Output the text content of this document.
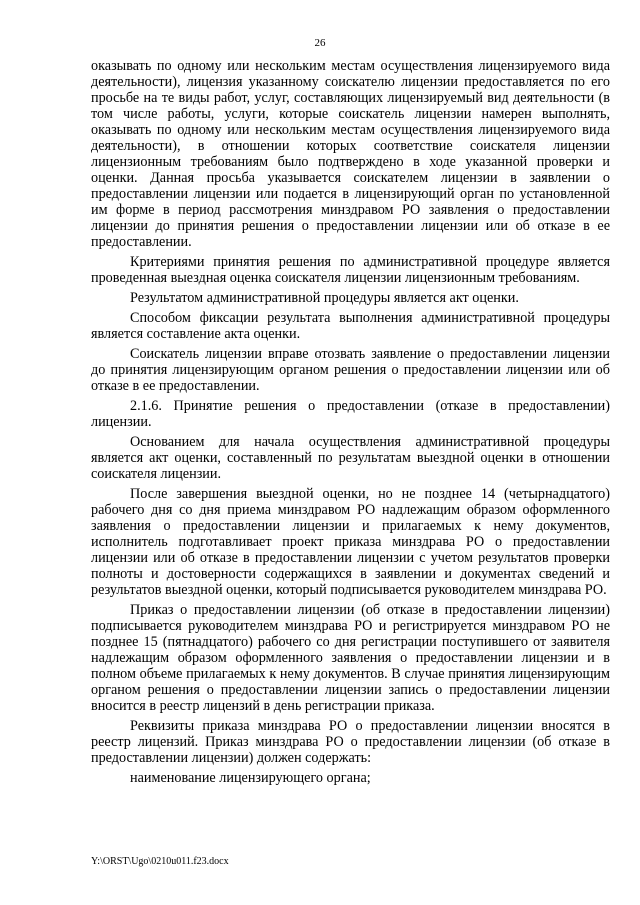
26

оказывать по одному или нескольким местам осуществления лицензируемого вида деятельности), лицензия указанному соискателю лицензии предоставляется по его просьбе на те виды работ, услуг, составляющих лицензируемый вид деятельности (в том числе работы, услуги, которые соискатель лицензии намерен выполнять, оказывать по одному или нескольким местам осуществления лицензируемого вида деятельности), в отношении которых соответствие соискателя лицензии лицензионным требованиям было подтверждено в ходе указанной проверки и оценки. Данная просьба указывается соискателем лицензии в заявлении о предоставлении лицензии или подается в лицензирующий орган по установленной им форме в период рассмотрения минздравом РО заявления о предоставлении лицензии до принятия решения о предоставлении лицензии или об отказе в ее предоставлении.

Критериями принятия решения по административной процедуре является проведенная выездная оценка соискателя лицензии лицензионным требованиям.

Результатом административной процедуры является акт оценки.

Способом фиксации результата выполнения административной процедуры является составление акта оценки.

Соискатель лицензии вправе отозвать заявление о предоставлении лицензии до принятия лицензирующим органом решения о предоставлении лицензии или об отказе в ее предоставлении.

2.1.6. Принятие решения о предоставлении (отказе в предоставлении) лицензии.

Основанием для начала осуществления административной процедуры является акт оценки, составленный по результатам выездной оценки в отношении соискателя лицензии.

После завершения выездной оценки, но не позднее 14 (четырнадцатого) рабочего дня со дня приема минздравом РО надлежащим образом оформленного заявления о предоставлении лицензии и прилагаемых к нему документов, исполнитель подготавливает проект приказа минздрава РО о предоставлении лицензии или об отказе в предоставлении лицензии с учетом результатов проверки полноты и достоверности содержащихся в заявлении и документах сведений и результатов выездной оценки, который подписывается руководителем минздрава РО.

Приказ о предоставлении лицензии (об отказе в предоставлении лицензии) подписывается руководителем минздрава РО и регистрируется минздравом РО не позднее 15 (пятнадцатого) рабочего со дня регистрации поступившего от заявителя надлежащим образом оформленного заявления о предоставлении лицензии и в полном объеме прилагаемых к нему документов. В случае принятия лицензирующим органом решения о предоставлении лицензии запись о предоставлении лицензии вносится в реестр лицензий в день регистрации приказа.

Реквизиты приказа минздрава РО о предоставлении лицензии вносятся в реестр лицензий. Приказ минздрава РО о предоставлении лицензии (об отказе в предоставлении лицензии) должен содержать:

наименование лицензирующего органа;

Y:\ORST\Ugo\0210u011.f23.docx
